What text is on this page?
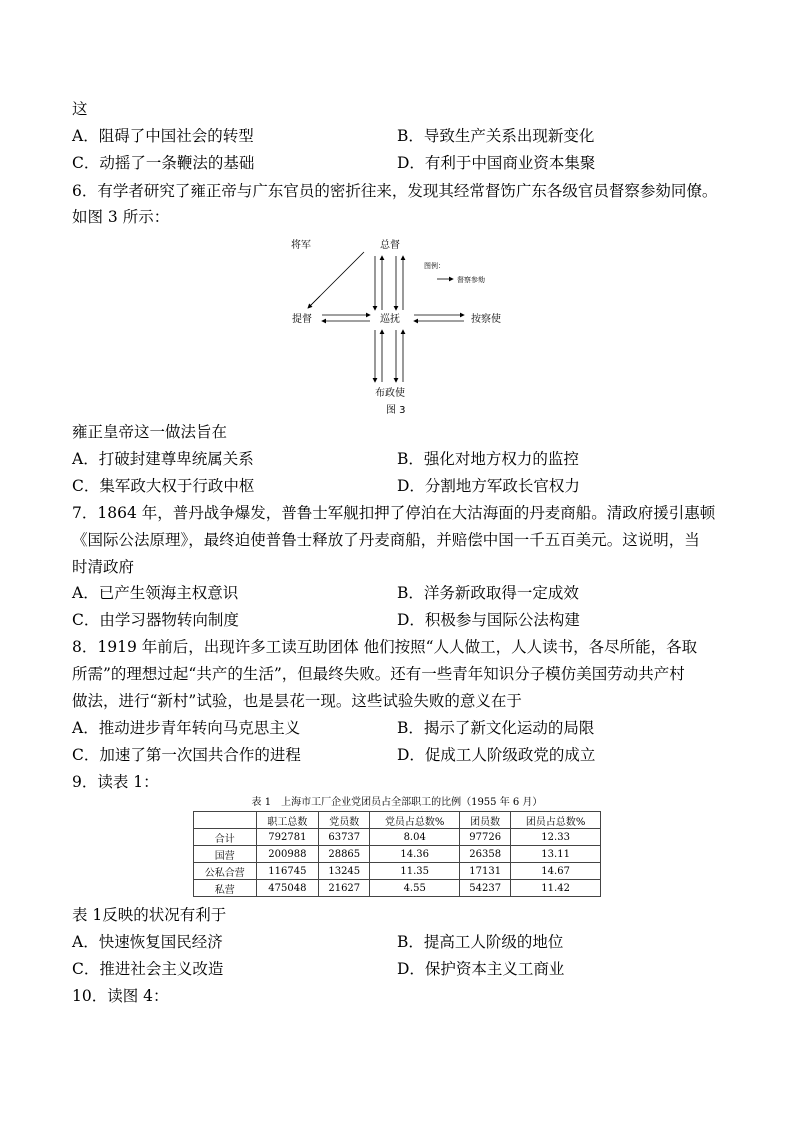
这
A．阻碍了中国社会的转型	B．导致生产关系出现新变化
C．动摇了一条鞭法的基础	D．有利于中国商业资本集聚
6．有学者研究了雍正帝与广东官员的密折往来，发现其经常督饬广东各级官员督察参劾同僚。
如图 3 所示：
将军	总督
提督	巡抚	按察使
布政使
图例：
督察参劾
图 3
雍正皇帝这一做法旨在
A．打破封建尊卑统属关系	B．强化对地方权力的监控
C．集军政大权于行政中枢	D．分割地方军政长官权力
7．1864 年，普丹战争爆发，普鲁士军舰扣押了停泊在大沽海面的丹麦商船。清政府援引惠顿
《国际公法原理》，最终迫使普鲁士释放了丹麦商船，并赔偿中国一千五百美元。这说明，当
时清政府
A．已产生领海主权意识	B．洋务新政取得一定成效
C．由学习器物转向制度	D．积极参与国际公法构建
8．1919 年前后，出现许多工读互助团体 他们按照“人人做工，人人读书，各尽所能，各取
所需”的理想过起“共产的生活”，但最终失败。还有一些青年知识分子模仿美国劳动共产村
做法，进行“新村”试验，也是昙花一现。这些试验失败的意义在于
A．推动进步青年转向马克思主义	B．揭示了新文化运动的局限
C．加速了第一次国共合作的进程	D．促成工人阶级政党的成立
9．读表 1：
表 1　上海市工厂企业党团员占全部职工的比例（1955 年 6 月）
	职工总数	党员数	党员占总数%	团员数	团员占总数%
合计	792781	63737	8.04	97726	12.33
国营	200988	28865	14.36	26358	13.11
公私合营	116745	13245	11.35	17131	14.67
私营	475048	21627	4.55	54237	11.42
表 1反映的状况有利于
A．快速恢复国民经济	B．提高工人阶级的地位
C．推进社会主义改造	D．保护资本主义工商业
10．读图 4：
